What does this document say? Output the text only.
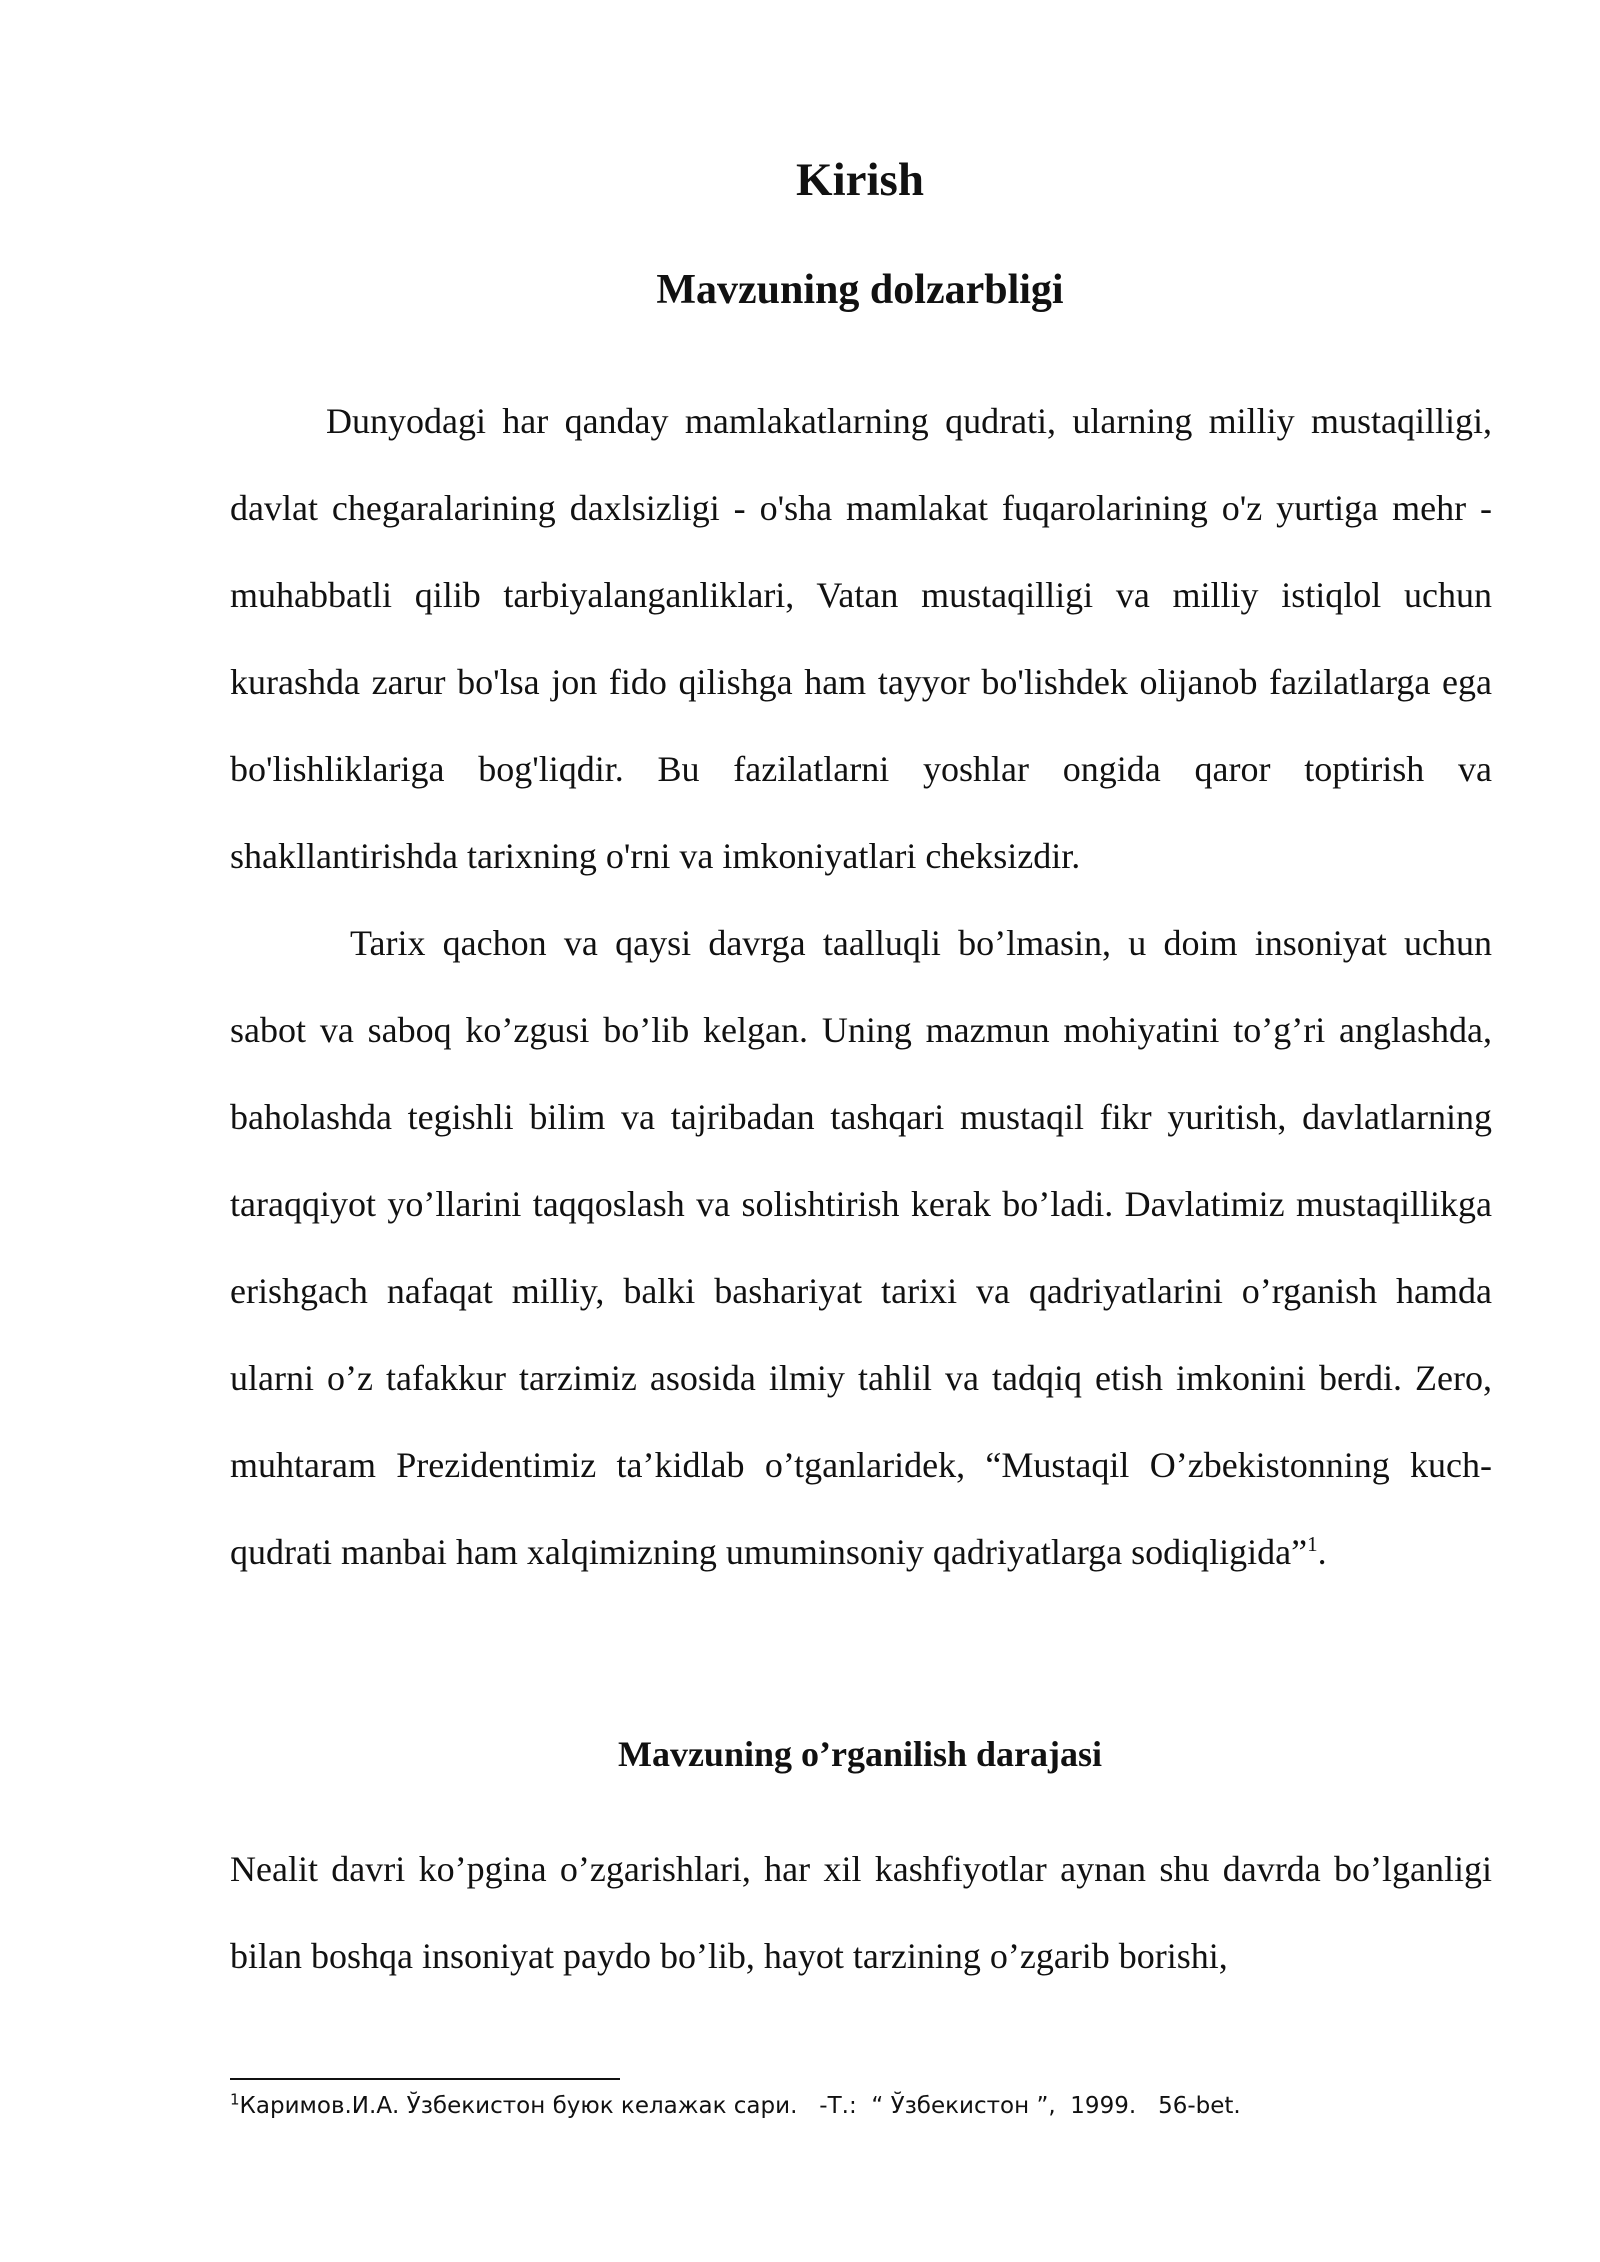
Kirish
Mavzuning dolzarbligi

Dunyodagi har qanday mamlakatlarning qudrati, ularning milliy mustaqilligi, davlat chegaralarining daxlsizligi - o'sha mamlakat fuqarolarining o'z yurtiga mehr - muhabbatli qilib tarbiyalanganliklari, Vatan mustaqilligi va milliy istiqlol uchun kurashda zarur bo'lsa jon fido qilishga ham tayyor bo'lishdek olijanob fazilatlarga ega bo'lishliklariga bog'liqdir. Bu fazilatlarni yoshlar ongida qaror toptirish va shakllantirishda tarixning o'rni va imkoniyatlari cheksizdir.

Tarix qachon va qaysi davrga taalluqli bo’lmasin, u doim insoniyat uchun sabot va saboq ko’zgusi bo’lib kelgan. Uning mazmun mohiyatini to’g’ri anglashda, baholashda tegishli bilim va tajribadan tashqari mustaqil fikr yuritish, davlatlarning taraqqiyot yo’llarini taqqoslash va solishtirish kerak bo’ladi. Davlatimiz mustaqillikga erishgach nafaqat milliy, balki bashariyat tarixi va qadriyatlarini o’rganish hamda ularni o’z tafakkur tarzimiz asosida ilmiy tahlil va tadqiq etish imkonini berdi. Zero, muhtaram Prezidentimiz ta’kidlab o’tganlaridek, “Mustaqil O’zbekistonning kuch-qudrati manbai ham xalqimizning umuminsoniy qadriyatlarga sodiqligida”$^1$.

Mavzuning o’rganilish darajasi

Nealit davri ko’pgina o’zgarishlari, har xil kashfiyotlar aynan shu davrda bo’lganligi bilan boshqa insoniyat paydo bo’lib, hayot tarzining o’zgarib borishi,

$^1$Каримов.И.А. Ўзбекистон буюк келажак сари.   -Т.:  “ Ўзбекистон ”,  1999.   56-bet.
